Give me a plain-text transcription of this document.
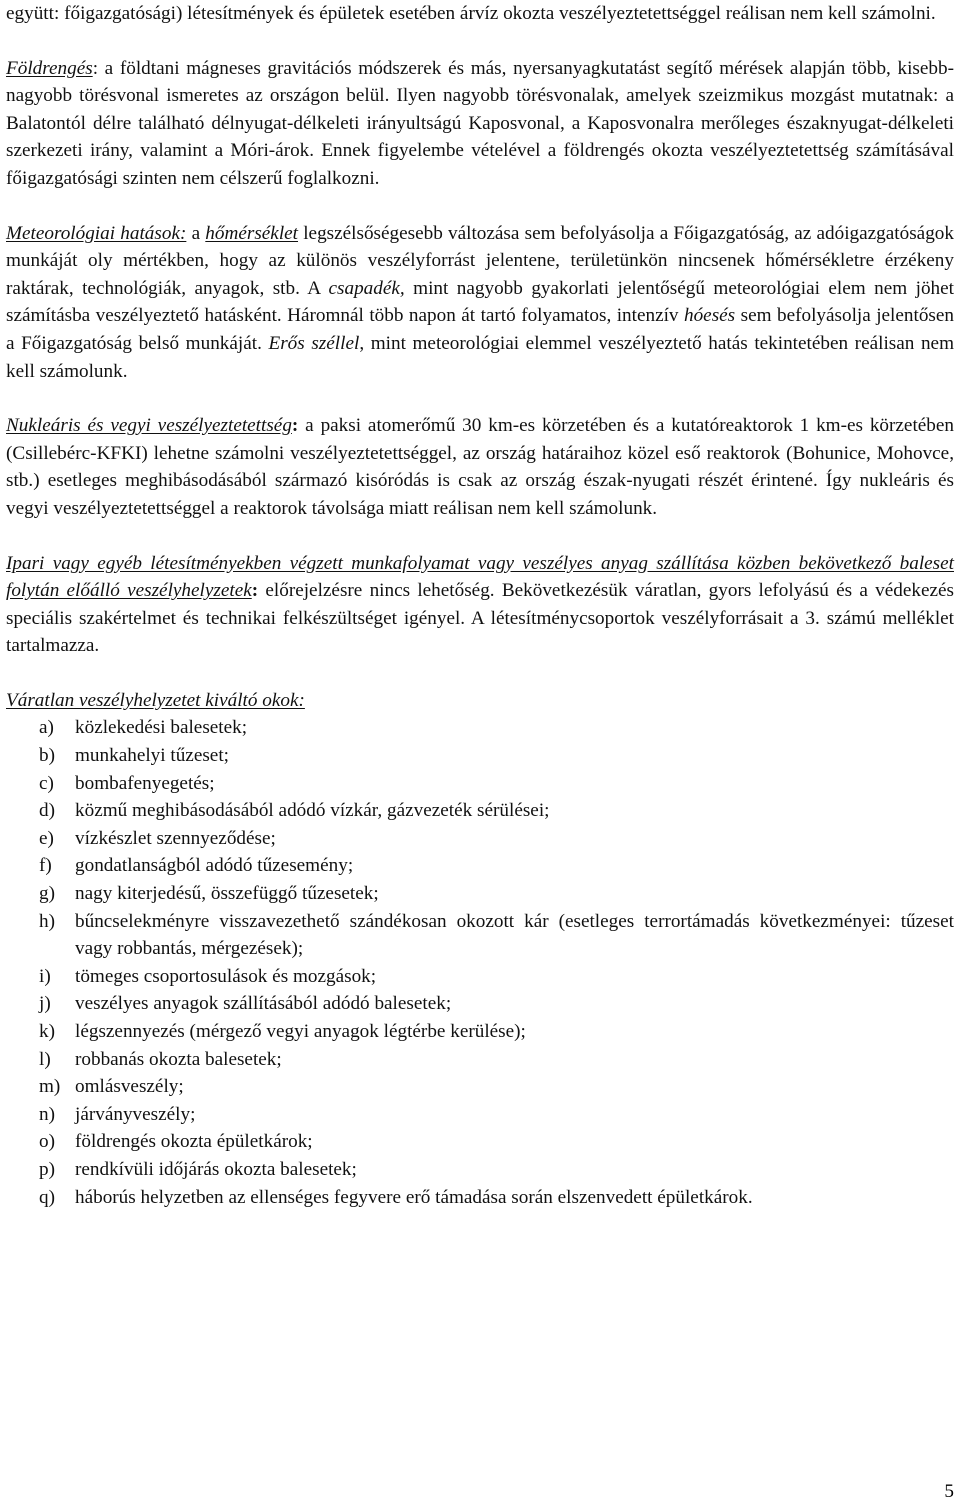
együtt: főigazgatósági) létesítmények és épületek esetében árvíz okozta veszélyeztetettséggel reálisan nem kell számolni.

Földrengés: a földtani mágneses gravitációs módszerek és más, nyersanyagkutatást segítő mérések alapján több, kisebb-nagyobb törésvonal ismeretes az országon belül. Ilyen nagyobb törésvonalak, amelyek szeizmikus mozgást mutatnak: a Balatontól délre található délnyugat-délkeleti irányultságú Kaposvonal, a Kaposvonalra merőleges északnyugat-délkeleti szerkezeti irány, valamint a Móri-árok. Ennek figyelembe vételével a földrengés okozta veszélyeztetettség számításával főigazgatósági szinten nem célszerű foglalkozni.

Meteorológiai hatások: a hőmérséklet legszélsőségesebb változása sem befolyásolja a Főigazgatóság, az adóigazgatóságok munkáját oly mértékben, hogy az különös veszélyforrást jelentene, területünkön nincsenek hőmérsékletre érzékeny raktárak, technológiák, anyagok, stb. A csapadék, mint nagyobb gyakorlati jelentőségű meteorológiai elem nem jöhet számításba veszélyeztető hatásként. Háromnál több napon át tartó folyamatos, intenzív hóesés sem befolyásolja jelentősen a Főigazgatóság belső munkáját. Erős széllel, mint meteorológiai elemmel veszélyeztető hatás tekintetében reálisan nem kell számolunk.

Nukleáris és vegyi veszélyeztetettség: a paksi atomerőmű 30 km-es körzetében és a kutatóreaktorok 1 km-es körzetében (Csillebérc-KFKI) lehetne számolni veszélyeztetettséggel, az ország határaihoz közel eső reaktorok (Bohunice, Mohovce, stb.) esetleges meghibásodásából származó kisóródás is csak az ország észak-nyugati részét érintené. Így nukleáris és vegyi veszélyeztetettséggel a reaktorok távolsága miatt reálisan nem kell számolunk.

Ipari vagy egyéb létesítményekben végzett munkafolyamat vagy veszélyes anyag szállítása közben bekövetkező baleset folytán előálló veszélyhelyzetek: előrejelzésre nincs lehetőség. Bekövetkezésük váratlan, gyors lefolyású és a védekezés speciális szakértelmet és technikai felkészültséget igényel. A létesítménycsoportok veszélyforrásait a 3. számú melléklet tartalmazza.

Váratlan veszélyhelyzetet kiváltó okok:

a)	közlekedési balesetek;
b)	munkahelyi tűzeset;
c)	bombafenyegetés;
d)	közmű meghibásodásából adódó vízkár, gázvezeték sérülései;
e)	vízkészlet szennyeződése;
f)	gondatlanságból adódó tűzesemény;
g)	nagy kiterjedésű, összefüggő tűzesetek;
h)	bűncselekményre visszavezethető szándékosan okozott kár (esetleges terrortámadás következményei: tűzeset vagy robbantás, mérgezések);
i)	tömeges csoportosulások és mozgások;
j)	veszélyes anyagok szállításából adódó balesetek;
k)	légszennyezés (mérgező vegyi anyagok légtérbe kerülése);
l)	robbanás okozta balesetek;
m) omlásveszély;
n)	járványveszély;
o)	földrengés okozta épületkárok;
p)	rendkívüli időjárás okozta balesetek;
q)	háborús helyzetben az ellenséges fegyvere erő támadása során elszenvedett épületkárok.
5
